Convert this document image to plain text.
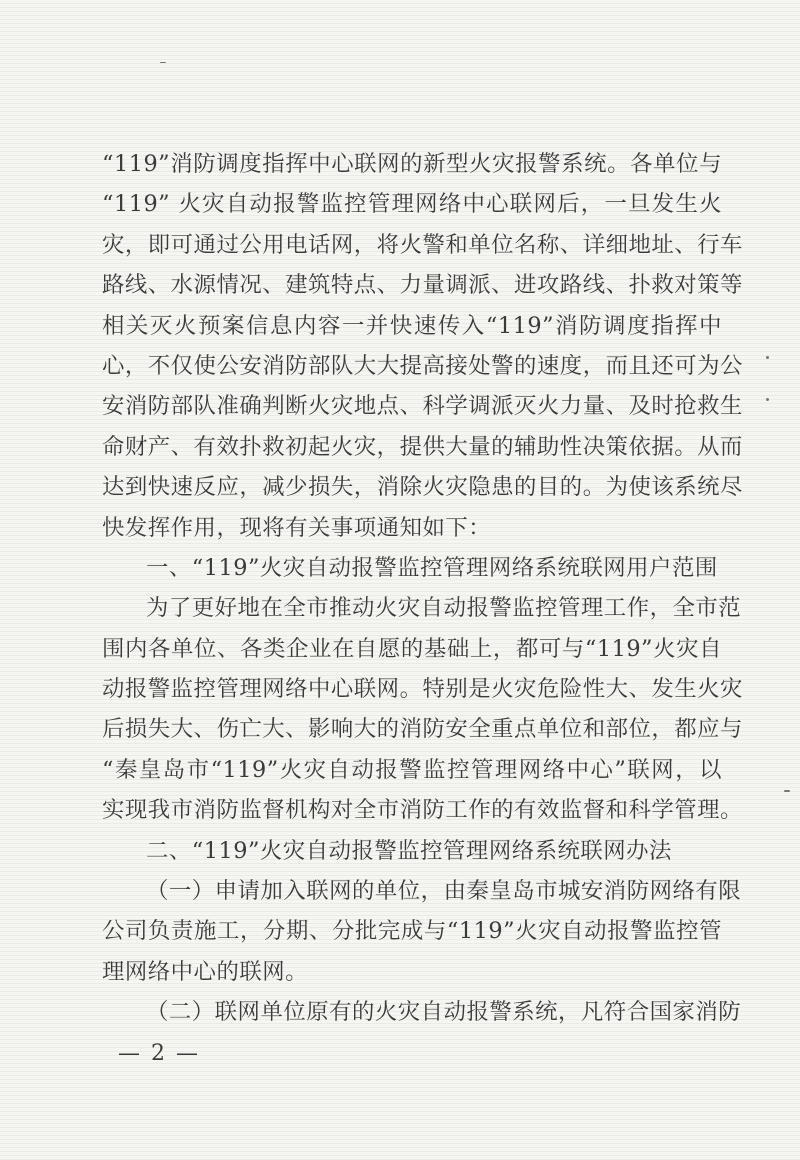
“119”消防调度指挥中心联网的新型火灾报警系统。各单位与
“119” 火灾自动报警监控管理网络中心联网后，一旦发生火
灾，即可通过公用电话网，将火警和单位名称、详细地址、行车
路线、水源情况、建筑特点、力量调派、进攻路线、扑救对策等
相关灭火预案信息内容一并快速传入“119”消防调度指挥中
心，不仅使公安消防部队大大提高接处警的速度，而且还可为公
安消防部队准确判断火灾地点、科学调派灭火力量、及时抢救生
命财产、有效扑救初起火灾，提供大量的辅助性决策依据。从而
达到快速反应，减少损失，消除火灾隐患的目的。为使该系统尽
快发挥作用，现将有关事项通知如下：
一、“119”火灾自动报警监控管理网络系统联网用户范围
为了更好地在全市推动火灾自动报警监控管理工作，全市范
围内各单位、各类企业在自愿的基础上，都可与“119”火灾自
动报警监控管理网络中心联网。特别是火灾危险性大、发生火灾
后损失大、伤亡大、影响大的消防安全重点单位和部位，都应与
“秦皇岛市“119”火灾自动报警监控管理网络中心”联网，以
实现我市消防监督机构对全市消防工作的有效监督和科学管理。
二、“119”火灾自动报警监控管理网络系统联网办法
（一）申请加入联网的单位，由秦皇岛市城安消防网络有限
公司负责施工，分期、分批完成与“119”火灾自动报警监控管
理网络中心的联网。
（二）联网单位原有的火灾自动报警系统，凡符合国家消防
— 2 —
